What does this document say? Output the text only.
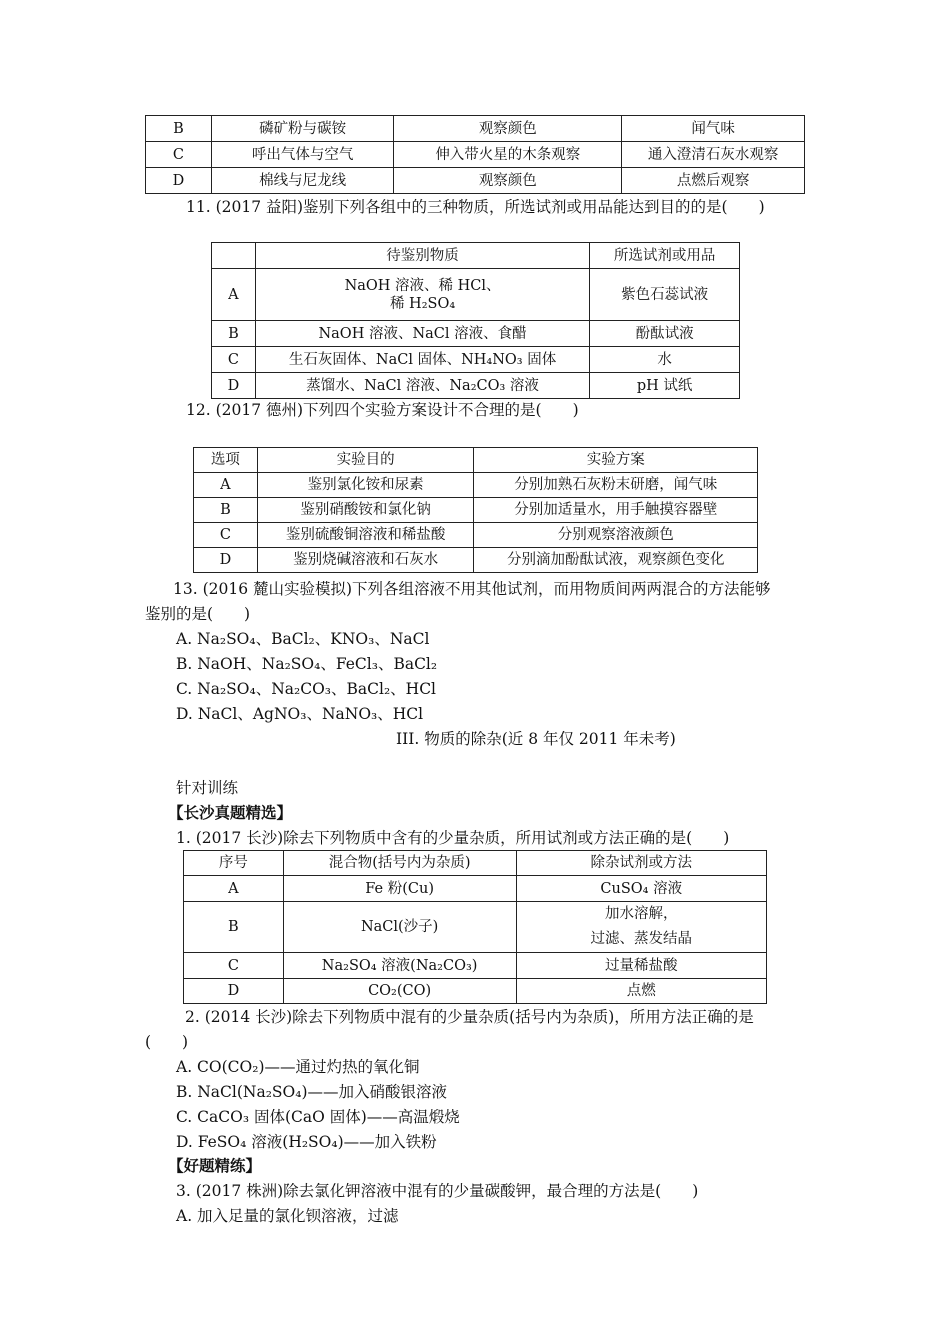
B	磷矿粉与碳铵	观察颜色	闻气味
C	呼出气体与空气	伸入带火星的木条观察	通入澄清石灰水观察
D	棉线与尼龙线	观察颜色	点燃后观察
11. (2017 益阳)鉴别下列各组中的三种物质，所选试剂或用品能达到目的的是(　　)
	待鉴别物质	所选试剂或用品
A	NaOH 溶液、稀 HCl、
稀 H₂SO₄	紫色石蕊试液
B	NaOH 溶液、NaCl 溶液、食醋	酚酞试液
C	生石灰固体、NaCl 固体、NH₄NO₃ 固体	水
D	蒸馏水、NaCl 溶液、Na₂CO₃ 溶液	pH 试纸
12. (2017 德州)下列四个实验方案设计不合理的是(　　)
选项	实验目的	实验方案
A	鉴别氯化铵和尿素	分别加熟石灰粉末研磨，闻气味
B	鉴别硝酸铵和氯化钠	分别加适量水，用手触摸容器壁
C	鉴别硫酸铜溶液和稀盐酸	分别观察溶液颜色
D	鉴别烧碱溶液和石灰水	分别滴加酚酞试液，观察颜色变化
13. (2016 麓山实验模拟)下列各组溶液不用其他试剂，而用物质间两两混合的方法能够
鉴别的是(　　)
A. Na₂SO₄、BaCl₂、KNO₃、NaCl
B. NaOH、Na₂SO₄、FeCl₃、BaCl₂
C. Na₂SO₄、Na₂CO₃、BaCl₂、HCl
D. NaCl、AgNO₃、NaNO₃、HCl
III. 物质的除杂(近 8 年仅 2011 年未考)
针对训练
【长沙真题精选】
1. (2017 长沙)除去下列物质中含有的少量杂质，所用试剂或方法正确的是(　　)
序号	混合物(括号内为杂质)	除杂试剂或方法
A	Fe 粉(Cu)	CuSO₄ 溶液
B	NaCl(沙子)	加水溶解，
过滤、蒸发结晶

C	Na₂SO₄ 溶液(Na₂CO₃)	过量稀盐酸
D	CO₂(CO)	点燃
2. (2014 长沙)除去下列物质中混有的少量杂质(括号内为杂质)，所用方法正确的是
(　　)
A. CO(CO₂)——通过灼热的氧化铜
B. NaCl(Na₂SO₄)——加入硝酸银溶液
C. CaCO₃ 固体(CaO 固体)——高温煅烧
D. FeSO₄ 溶液(H₂SO₄)——加入铁粉
【好题精练】
3. (2017 株洲)除去氯化钾溶液中混有的少量碳酸钾，最合理的方法是(　　)
A. 加入足量的氯化钡溶液，过滤
